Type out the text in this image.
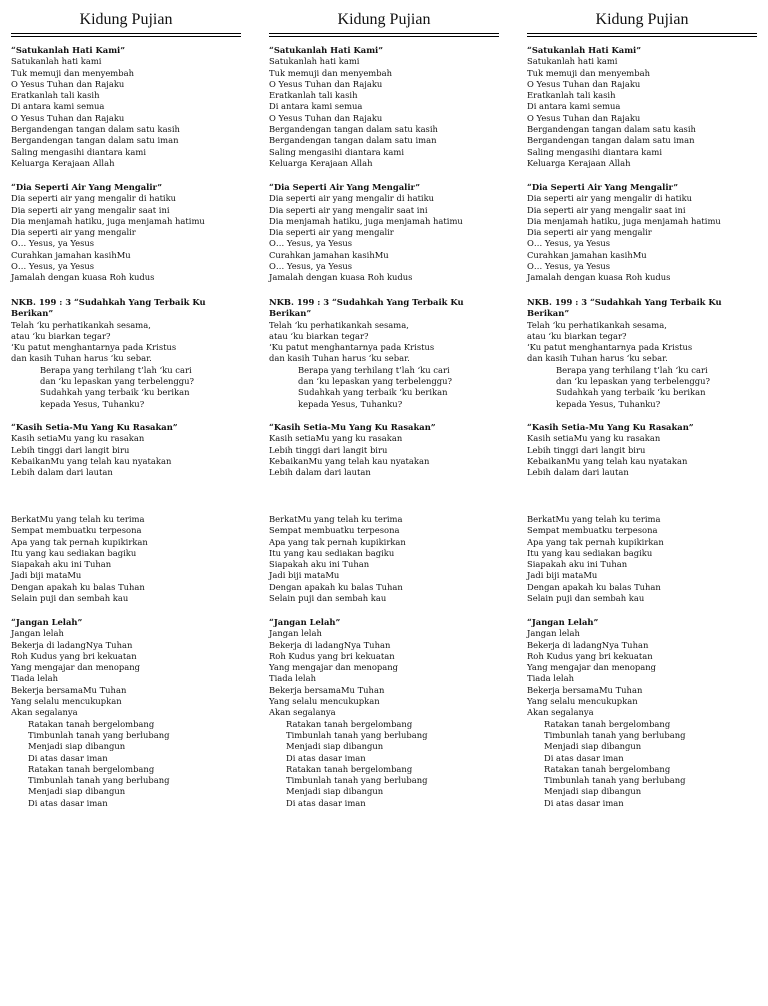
Kidung Pujian
“Satukanlah Hati Kami”
Satukanlah hati kami
Tuk memuji dan menyembah
O Yesus Tuhan dan Rajaku
Eratkanlah tali kasih
Di antara kami semua
O Yesus Tuhan dan Rajaku
Bergandengan tangan dalam satu kasih
Bergandengan tangan dalam satu iman
Saling mengasihi diantara kami
Keluarga Kerajaan Allah
“Dia Seperti Air Yang Mengalir”
Dia seperti air yang mengalir di hatiku
Dia seperti air yang mengalir saat ini
Dia menjamah hatiku, juga menjamah hatimu
Dia seperti air yang mengalir
O… Yesus, ya Yesus
Curahkan jamahan kasihMu
O… Yesus, ya Yesus
Jamalah dengan kuasa Roh kudus
NKB. 199 : 3 “Sudahkah Yang Terbaik Ku Berikan”
Telah ‘ku perhatikankah sesama,
atau ‘ku biarkan tegar?
‘Ku patut menghantarnya pada Kristus
dan kasih Tuhan harus ‘ku sebar.
Berapa yang terhilang t’lah ‘ku cari
dan ‘ku lepaskan yang terbelenggu?
Sudahkah yang terbaik ‘ku berikan
kepada Yesus, Tuhanku?
“Kasih Setia-Mu Yang Ku Rasakan”
Kasih setiaMu yang ku rasakan
Lebih tinggi dari langit biru
KebaikanMu yang telah kau nyatakan
Lebih dalam dari lautan
BerkatMu yang telah ku terima
Sempat membuatku terpesona
Apa yang tak pernah kupikirkan
Itu yang kau sediakan bagiku
Siapakah aku ini Tuhan
Jadi biji mataMu
Dengan apakah ku balas Tuhan
Selain puji dan sembah kau
“Jangan Lelah”
Jangan lelah
Bekerja di ladangNya Tuhan
Roh Kudus yang bri kekuatan
Yang mengajar dan menopang
Tiada lelah
Bekerja bersamaMu Tuhan
Yang selalu mencukupkan
Akan segalanya
Ratakan tanah bergelombang
Timbunlah tanah yang berlubang
Menjadi siap dibangun
Di atas dasar iman
Ratakan tanah bergelombang
Timbunlah tanah yang berlubang
Menjadi siap dibangun
Di atas dasar iman
Kidung Pujian
“Satukanlah Hati Kami”
Satukanlah hati kami
Tuk memuji dan menyembah
O Yesus Tuhan dan Rajaku
Eratkanlah tali kasih
Di antara kami semua
O Yesus Tuhan dan Rajaku
Bergandengan tangan dalam satu kasih
Bergandengan tangan dalam satu iman
Saling mengasihi diantara kami
Keluarga Kerajaan Allah
“Dia Seperti Air Yang Mengalir”
Dia seperti air yang mengalir di hatiku
Dia seperti air yang mengalir saat ini
Dia menjamah hatiku, juga menjamah hatimu
Dia seperti air yang mengalir
O… Yesus, ya Yesus
Curahkan jamahan kasihMu
O… Yesus, ya Yesus
Jamalah dengan kuasa Roh kudus
NKB. 199 : 3 “Sudahkah Yang Terbaik Ku Berikan”
Telah ‘ku perhatikankah sesama,
atau ‘ku biarkan tegar?
‘Ku patut menghantarnya pada Kristus
dan kasih Tuhan harus ‘ku sebar.
Berapa yang terhilang t’lah ‘ku cari
dan ‘ku lepaskan yang terbelenggu?
Sudahkah yang terbaik ‘ku berikan
kepada Yesus, Tuhanku?
“Kasih Setia-Mu Yang Ku Rasakan”
Kasih setiaMu yang ku rasakan
Lebih tinggi dari langit biru
KebaikanMu yang telah kau nyatakan
Lebih dalam dari lautan
BerkatMu yang telah ku terima
Sempat membuatku terpesona
Apa yang tak pernah kupikirkan
Itu yang kau sediakan bagiku
Siapakah aku ini Tuhan
Jadi biji mataMu
Dengan apakah ku balas Tuhan
Selain puji dan sembah kau
“Jangan Lelah”
Jangan lelah
Bekerja di ladangNya Tuhan
Roh Kudus yang bri kekuatan
Yang mengajar dan menopang
Tiada lelah
Bekerja bersamaMu Tuhan
Yang selalu mencukupkan
Akan segalanya
Ratakan tanah bergelombang
Timbunlah tanah yang berlubang
Menjadi siap dibangun
Di atas dasar iman
Ratakan tanah bergelombang
Timbunlah tanah yang berlubang
Menjadi siap dibangun
Di atas dasar iman
Kidung Pujian
“Satukanlah Hati Kami”
Satukanlah hati kami
Tuk memuji dan menyembah
O Yesus Tuhan dan Rajaku
Eratkanlah tali kasih
Di antara kami semua
O Yesus Tuhan dan Rajaku
Bergandengan tangan dalam satu kasih
Bergandengan tangan dalam satu iman
Saling mengasihi diantara kami
Keluarga Kerajaan Allah
“Dia Seperti Air Yang Mengalir”
Dia seperti air yang mengalir di hatiku
Dia seperti air yang mengalir saat ini
Dia menjamah hatiku, juga menjamah hatimu
Dia seperti air yang mengalir
O… Yesus, ya Yesus
Curahkan jamahan kasihMu
O… Yesus, ya Yesus
Jamalah dengan kuasa Roh kudus
NKB. 199 : 3 “Sudahkah Yang Terbaik Ku Berikan”
Telah ‘ku perhatikankah sesama,
atau ‘ku biarkan tegar?
‘Ku patut menghantarnya pada Kristus
dan kasih Tuhan harus ‘ku sebar.
Berapa yang terhilang t’lah ‘ku cari
dan ‘ku lepaskan yang terbelenggu?
Sudahkah yang terbaik ‘ku berikan
kepada Yesus, Tuhanku?
“Kasih Setia-Mu Yang Ku Rasakan”
Kasih setiaMu yang ku rasakan
Lebih tinggi dari langit biru
KebaikanMu yang telah kau nyatakan
Lebih dalam dari lautan
BerkatMu yang telah ku terima
Sempat membuatku terpesona
Apa yang tak pernah kupikirkan
Itu yang kau sediakan bagiku
Siapakah aku ini Tuhan
Jadi biji mataMu
Dengan apakah ku balas Tuhan
Selain puji dan sembah kau
“Jangan Lelah”
Jangan lelah
Bekerja di ladangNya Tuhan
Roh Kudus yang bri kekuatan
Yang mengajar dan menopang
Tiada lelah
Bekerja bersamaMu Tuhan
Yang selalu mencukupkan
Akan segalanya
Ratakan tanah bergelombang
Timbunlah tanah yang berlubang
Menjadi siap dibangun
Di atas dasar iman
Ratakan tanah bergelombang
Timbunlah tanah yang berlubang
Menjadi siap dibangun
Di atas dasar iman
